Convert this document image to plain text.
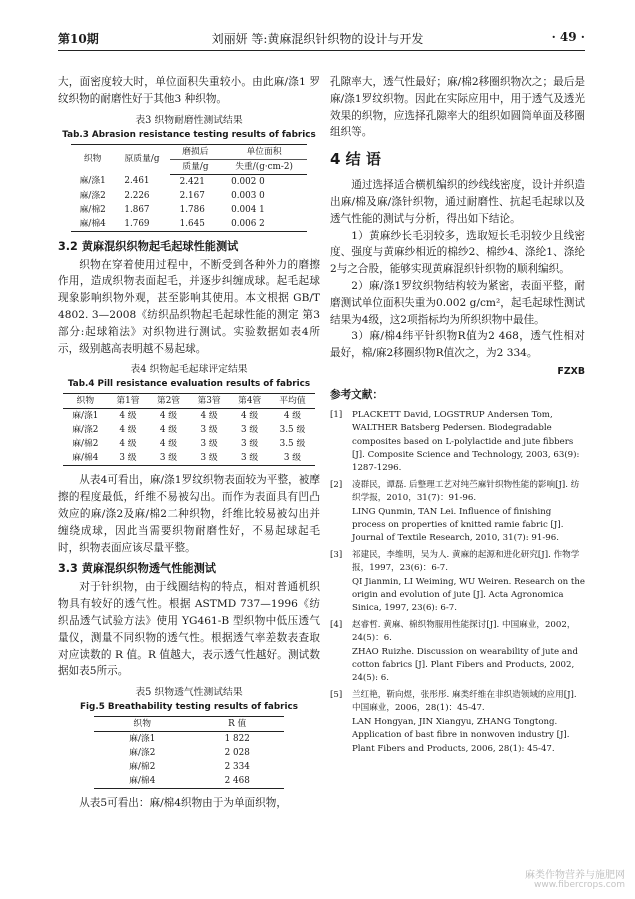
第10期	刘丽妍 等:黄麻混织针织物的设计与开发	· 49 ·

大，面密度较大时，单位面积失重较小。由此麻/涤1 罗纹织物的耐磨性好于其他3 种织物。

表3 织物耐磨性测试结果
Tab.3 Abrasion resistance testing results of fabrics
织物	原质量/g	磨损后	单位面积
		质量/g	失重/(g·cm-2)
麻/涤1	2.461	2.421	0.002 0
麻/涤2	2.226	2.167	0.003 0
麻/棉2	1.867	1.786	0.004 1
麻/棉4	1.769	1.645	0.006 2
3.2 黄麻混织织物起毛起球性能测试

织物在穿着使用过程中，不断受到各种外力的磨擦作用，造成织物表面起毛，并逐步纠缠成球。起毛起球现象影响织物外观，甚至影响其使用。本文根据 GB/T 4802. 3—2008《纺织品织物起毛起球性能的测定 第3部分:起球箱法》对织物进行测试。实验数据如表4所示，级别越高表明越不易起球。

表4 织物起毛起球评定结果
Tab.4 Pill resistance evaluation results of fabrics
织物	第1管	第2管	第3管	第4管	平均值
麻/涤1	4 级	4 级	4 级	4 级	4 级
麻/涤2	4 级	4 级	3 级	3 级	3.5 级
麻/棉2	4 级	4 级	3 级	3 级	3.5 级
麻/棉4	3 级	3 级	3 级	3 级	3 级

从表4可看出，麻/涤1罗纹织物表面较为平整，被摩擦的程度最低，纤维不易被勾出。而作为表面具有凹凸效应的麻/涤2及麻/棉2二种织物，纤维比较易被勾出并缠绕成球，因此当需要织物耐磨性好，不易起球起毛时，织物表面应该尽量平整。

3.3 黄麻混织织物透气性能测试

对于针织物，由于线圈结构的特点，相对普通机织物具有较好的透气性。根据 ASTMD 737—1996《纺织品透气试验方法》使用 YG461-B 型织物中低压透气量仪，测量不同织物的透气性。根据透气率差数表查取对应读数的 R 值。R 值越大，表示透气性越好。测试数据如表5所示。

表5 织物透气性测试结果
Fig.5 Breathability testing results of fabrics
织物	R 值
麻/涤1	1 822
麻/涤2	2 028
麻/棉2	2 334
麻/棉4	2 468

从表5可看出：麻/棉4织物由于为单面织物，

孔隙率大，透气性最好；麻/棉2移圈织物次之；最后是麻/涤1罗纹织物。因此在实际应用中，用于透气及透光效果的织物，应选择孔隙率大的组织如圆筒单面及移圈组织等。

4 结 语

通过选择适合横机编织的纱线线密度，设计并织造出麻/棉及麻/涤针织物，通过耐磨性、抗起毛起球以及透气性能的测试与分析，得出如下结论。

1）黄麻纱长毛羽较多，选取短长毛羽较少且线密度、强度与黄麻纱相近的棉纱2、棉纱4、涤纶1、涤纶2与之合股，能够实现黄麻混织针织物的顺利编织。

2）麻/涤1罗纹织物结构较为紧密，表面平整，耐磨测试单位面积失重为0.002 g/cm²，起毛起球性测试结果为4级，这2项指标均为所织织物中最佳。

3）麻/棉4纬平针织物R值为2 468，透气性相对最好，棉/麻2移圈织物R值次之，为2 334。

FZXB
参考文献：
[1]	PLACKETT David, LOGSTRUP Andersen Tom, WALTHER Batsberg Pedersen. Biodegradable composites based on L-polylactide and jute fibbers [J]. Composite Science and Technology, 2003, 63(9): 1287-1296.
[2]	凌群民，谭磊. 后整理工艺对纯苎麻针织物性能的影响[J]. 纺织学报，2010，31(7)：91-96.
LING Qunmin, TAN Lei. Influence of finishing process on properties of knitted ramie fabric [J]. Journal of Textile Research, 2010, 31(7): 91-96.
[3]	祁建民，李维明，吴为人. 黄麻的起源和进化研究[J]. 作物学报，1997，23(6)：6-7.
QI Jianmin, LI Weiming, WU Weiren. Research on the origin and evolution of jute [J]. Acta Agronomica Sinica, 1997, 23(6): 6-7.
[4]	赵睿哲. 黄麻、棉织物服用性能探讨[J]. 中国麻业，2002，24(5)：6.
ZHAO Ruizhe. Discussion on wearability of jute and cotton fabrics [J]. Plant Fibers and Products, 2002, 24(5): 6.
[5]	兰红艳，靳向煜，张彤彤. 麻类纤维在非织造领域的应用[J]. 中国麻业，2006，28(1)：45-47.
LAN Hongyan, JIN Xiangyu, ZHANG Tongtong. Application of bast fibre in nonwoven industry [J]. Plant Fibers and Products, 2006, 28(1): 45-47.
麻类作物营养与施肥网
www.fibercrops.com
